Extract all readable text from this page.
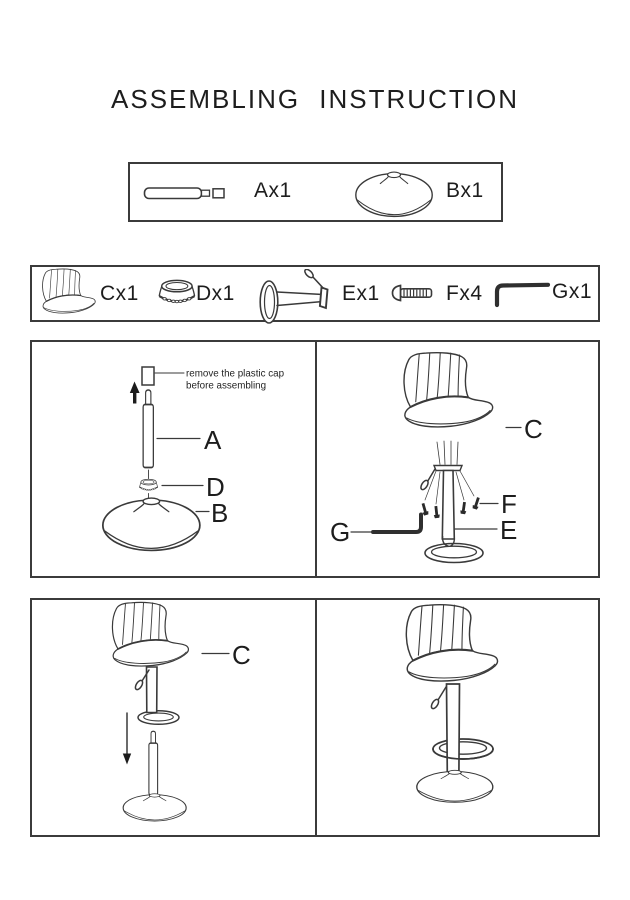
ASSEMBLING INSTRUCTION
Ax1	Bx1
Cx1	Dx1	Ex1	Fx4	Gx1
remove the plastic cap
before assembling
A
D
B
C
F
E
G
C
